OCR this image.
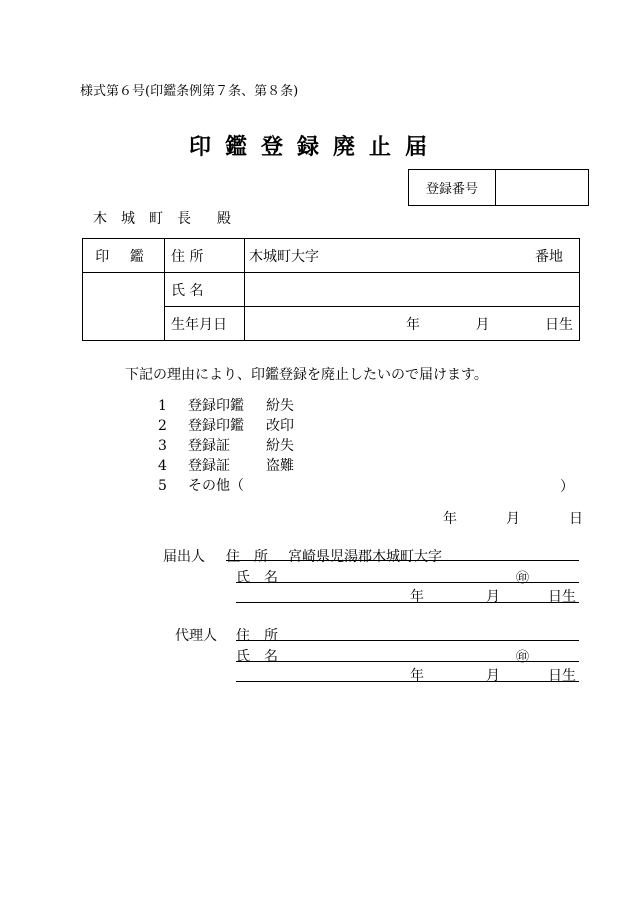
様式第６号(印鑑条例第７条、第８条)
印鑑登録廃止届
登録番号
木 城 町 長 殿
印 鑑	住 所	木城町大字 番地

	氏 名	
	生年月日	年 月 日生
下記の理由により、印鑑登録を廃止したいので届けます。
1	登録印鑑	紛失
2	登録印鑑	改印
3	登録証	紛失
4	登録証	盗難
5	その他（	）
年	月	日
届出人 住　所 宮崎県児湯郡木城町大字
氏　名	㊞
年	月	日生
代理人 住　所
氏　名	㊞
年	月	日生
